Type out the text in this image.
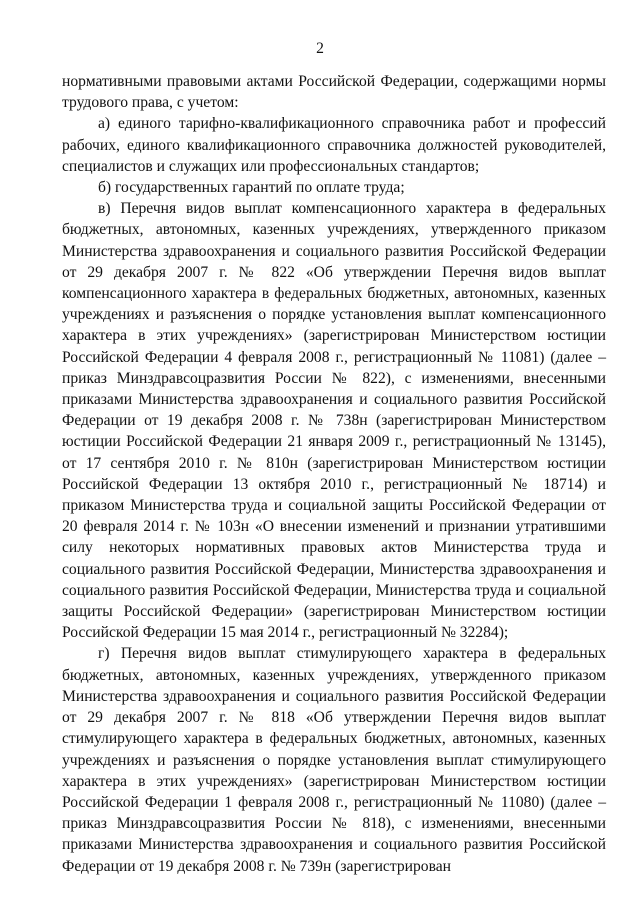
2

нормативными правовыми актами Российской Федерации, содержащими нормы трудового права, с учетом:

а) единого тарифно-квалификационного справочника работ и профессий рабочих, единого квалификационного справочника должностей руководителей, специалистов и служащих или профессиональных стандартов;

б) государственных гарантий по оплате труда;

в) Перечня видов выплат компенсационного характера в федеральных бюджетных, автономных, казенных учреждениях, утвержденного приказом Министерства здравоохранения и социального развития Российской Федерации от 29 декабря 2007 г. № 822 «Об утверждении Перечня видов выплат компенсационного характера в федеральных бюджетных, автономных, казенных учреждениях и разъяснения о порядке установления выплат компенсационного характера в этих учреждениях» (зарегистрирован Министерством юстиции Российской Федерации 4 февраля 2008 г., регистрационный № 11081) (далее – приказ Минздравсоцразвития России № 822), с изменениями, внесенными приказами Министерства здравоохранения и социального развития Российской Федерации от 19 декабря 2008 г. № 738н (зарегистрирован Министерством юстиции Российской Федерации 21 января 2009 г., регистрационный № 13145), от 17 сентября 2010 г. № 810н (зарегистрирован Министерством юстиции Российской Федерации 13 октября 2010 г., регистрационный № 18714) и приказом Министерства труда и социальной защиты Российской Федерации от 20 февраля 2014 г. № 103н «О внесении изменений и признании утратившими силу некоторых нормативных правовых актов Министерства труда и социального развития Российской Федерации, Министерства здравоохранения и социального развития Российской Федерации, Министерства труда и социальной защиты Российской Федерации» (зарегистрирован Министерством юстиции Российской Федерации 15 мая 2014 г., регистрационный № 32284);

г) Перечня видов выплат стимулирующего характера в федеральных бюджетных, автономных, казенных учреждениях, утвержденного приказом Министерства здравоохранения и социального развития Российской Федерации от 29 декабря 2007 г. № 818 «Об утверждении Перечня видов выплат стимулирующего характера в федеральных бюджетных, автономных, казенных учреждениях и разъяснения о порядке установления выплат стимулирующего характера в этих учреждениях» (зарегистрирован Министерством юстиции Российской Федерации 1 февраля 2008 г., регистрационный № 11080) (далее – приказ Минздравсоцразвития России № 818), с изменениями, внесенными приказами Министерства здравоохранения и социального развития Российской Федерации от 19 декабря 2008 г. № 739н (зарегистрирован
